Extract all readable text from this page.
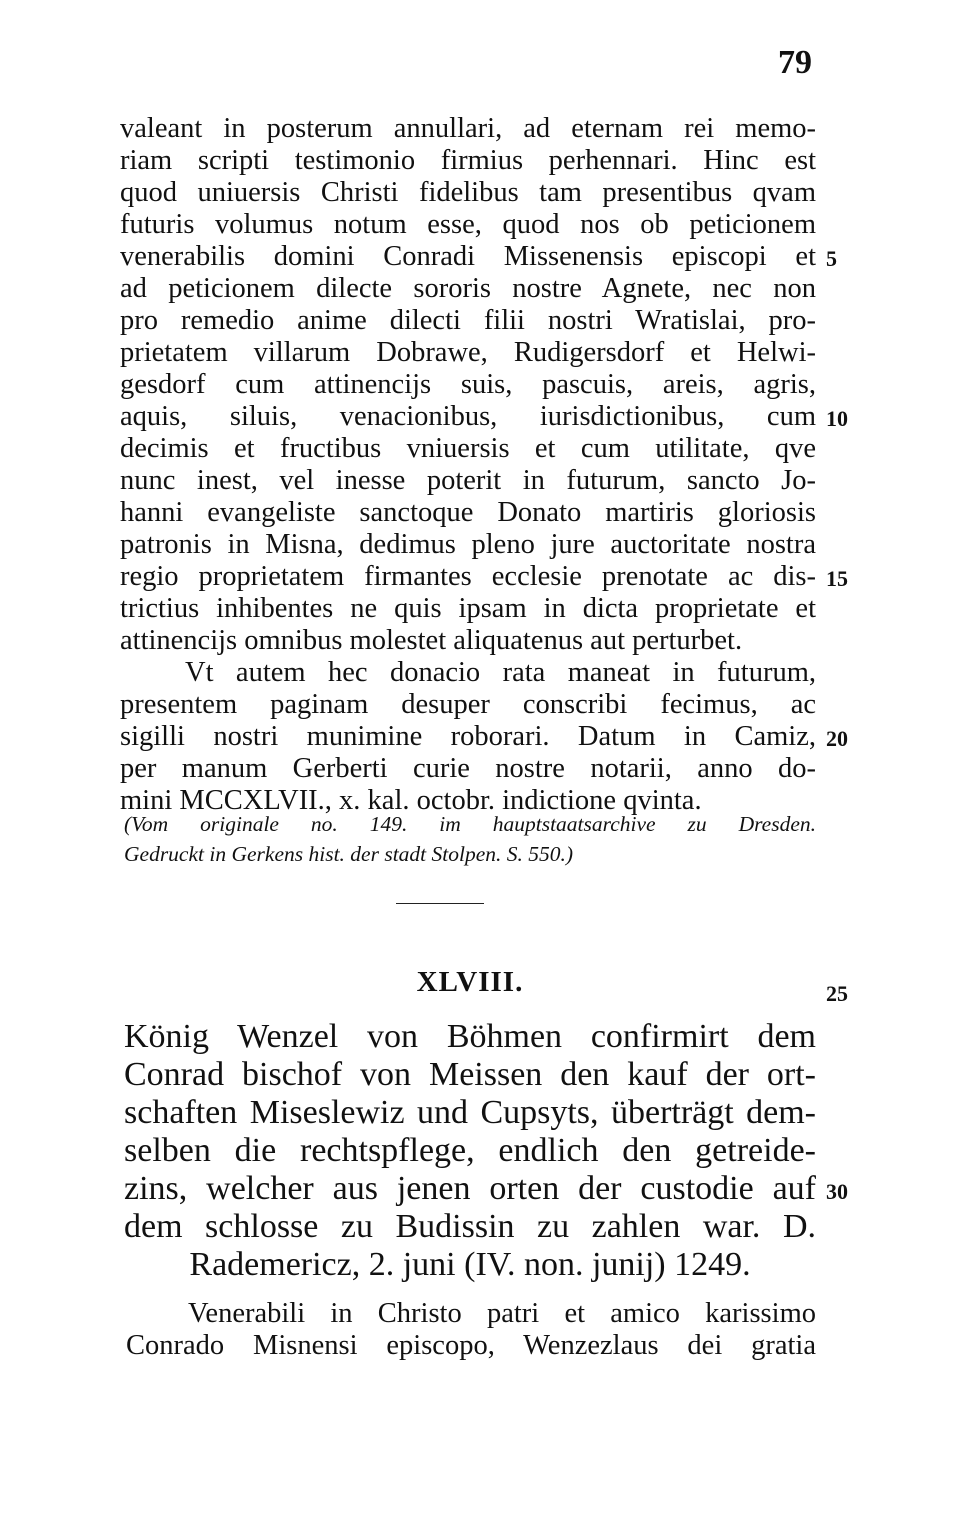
79
valeant in posterum annullari, ad eternam rei memo-
riam scripti testimonio firmius perhennari. Hinc est
quod uniuersis Christi fidelibus tam presentibus qvam
futuris volumus notum esse, quod nos ob peticionem
venerabilis domini Conradi Missenensis episcopi et
ad peticionem dilecte sororis nostre Agnete, nec non
pro remedio anime dilecti filii nostri Wratislai, pro-
prietatem villarum Dobrawe, Rudigersdorf et Helwi-
gesdorf cum attinencijs suis, pascuis, areis, agris,
aquis, siluis, venacionibus, iurisdictionibus, cum
decimis et fructibus vniuersis et cum utilitate, qve
nunc inest, vel inesse poterit in futurum, sancto Jo-
hanni evangeliste sanctoque Donato martiris gloriosis
patronis in Misna, dedimus pleno jure auctoritate nostra
regio proprietatem firmantes ecclesie prenotate ac dis-
trictius inhibentes ne quis ipsam in dicta proprietate et
attinencijs omnibus molestet aliquatenus aut perturbet.
Vt autem hec donacio rata maneat in futurum,
presentem paginam desuper conscribi fecimus, ac
sigilli nostri munimine roborari. Datum in Camiz,
per manum Gerberti curie nostre notarii, anno do-
mini MCCXLVII., x. kal. octobr. indictione qvinta.
5
10
15
20
(Vom originale no. 149. im hauptstaatsarchive zu Dresden.
Gedruckt in Gerkens hist. der stadt Stolpen. S. 550.)
XLVIII.	25
König Wenzel von Böhmen confirmirt dem
Conrad bischof von Meissen den kauf der ort-
schaften Miseslewiz und Cupsyts, überträgt dem-
selben die rechtspflege, endlich den getreide-
zins, welcher aus jenen orten der custodie auf
dem schlosse zu Budissin zu zahlen war. D.
Rademericz, 2. juni (IV. non. junij) 1249.
30
Venerabili in Christo patri et amico karissimo
Conrado Misnensi episcopo, Wenzezlaus dei gratia
